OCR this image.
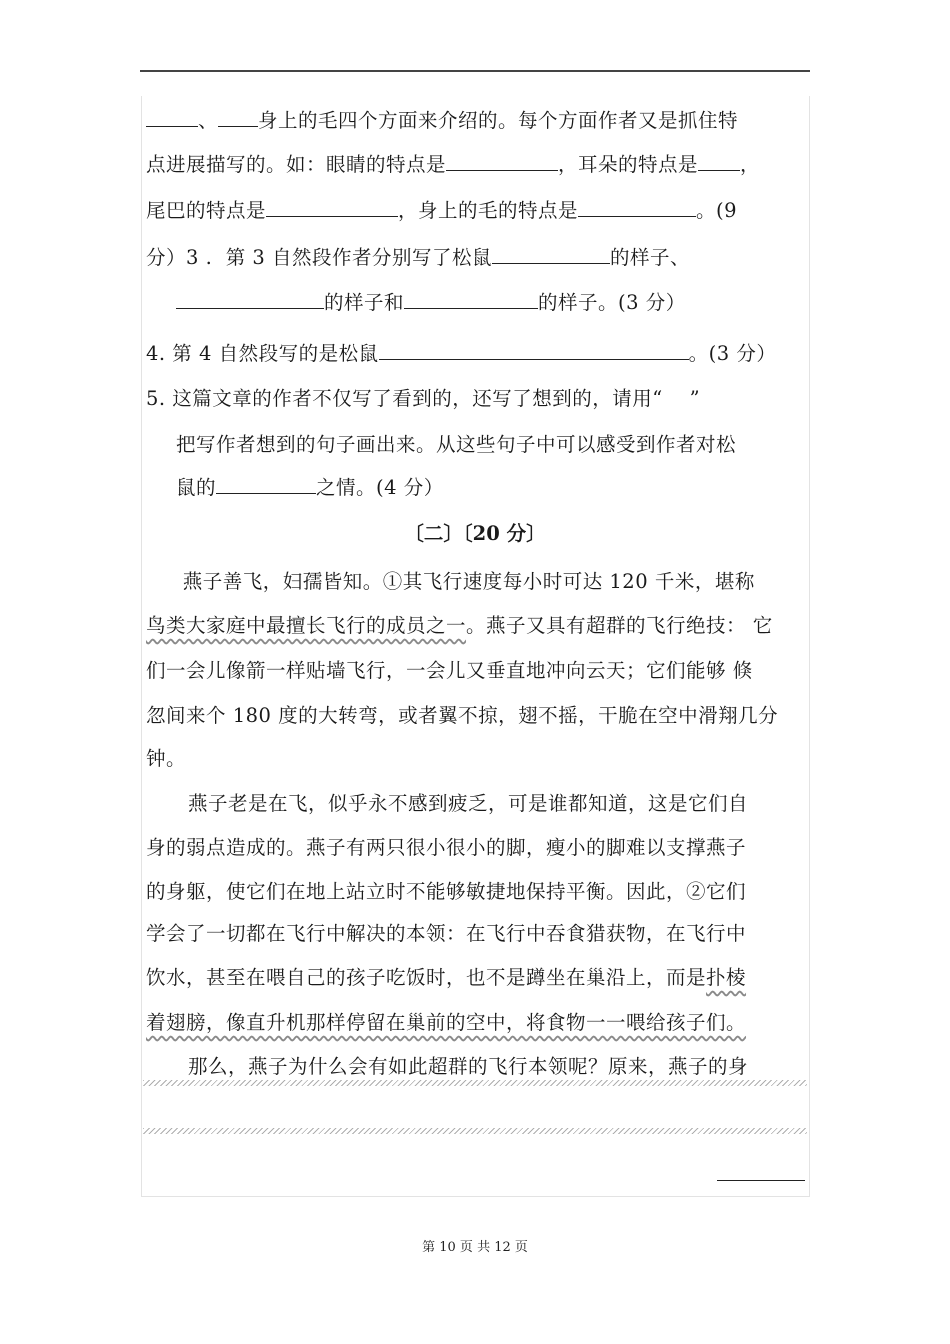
、 身上的毛四个方面来介绍的。每个方面作者又是抓住特
点进展描写的。如：眼睛的特点是	，耳朵的特点是 ，
尾巴的特点是	，身上的毛的特点是	。(9
分）3 .  第 3 自然段作者分别写了松鼠	的样子、
的样子和	的样子。(3 分）
4. 第 4 自然段写的是松鼠	。(3 分）
5. 这篇文章的作者不仅写了看到的，还写了想到的，请用“    ”
把写作者想到的句子画出来。从这些句子中可以感受到作者对松
鼠的	之情。(4 分）
〔二〕〔20 分〕
燕子善飞，妇孺皆知。①其飞行速度每小时可达 120 千米，堪称
鸟类大家庭中最擅长飞行的成员之一。燕子又具有超群的飞行绝技： 它
们一会儿像箭一样贴墙飞行，一会儿又垂直地冲向云天；它们能够 倏
忽间来个 180 度的大转弯，或者翼不掠，翅不摇，干脆在空中滑翔几分
钟。
燕子老是在飞，似乎永不感到疲乏，可是谁都知道，这是它们自
身的弱点造成的。燕子有两只很小很小的脚，瘦小的脚难以支撑燕子
的身躯，使它们在地上站立时不能够敏捷地保持平衡。因此，②它们
学会了一切都在飞行中解决的本领：在飞行中吞食猎获物，在飞行中
饮水，甚至在喂自己的孩子吃饭时，也不是蹲坐在巢沿上，而是扑棱
着翅膀，像直升机那样停留在巢前的空中，将食物一一喂给孩子们。
那么，燕子为什么会有如此超群的飞行本领呢？原来，燕子的身
第 10 页 共 12 页
